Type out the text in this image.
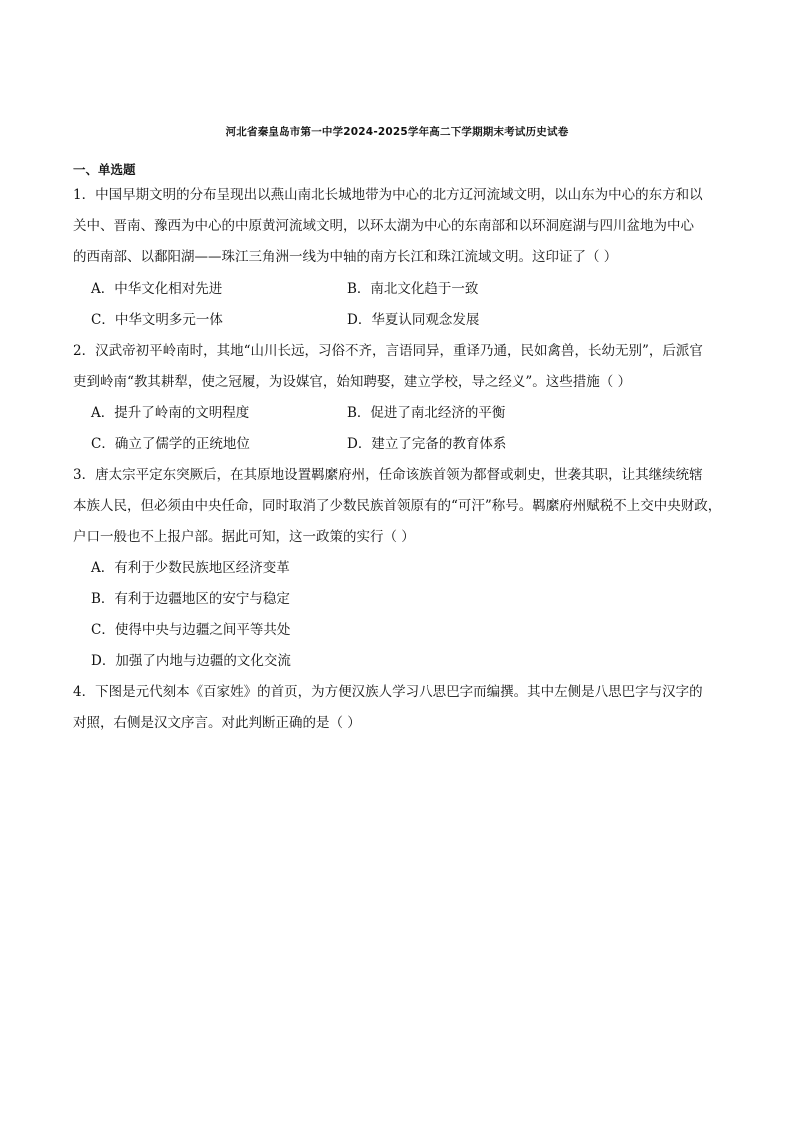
河北省秦皇岛市第一中学2024-2025学年高二下学期期末考试历史试卷
一、单选题
1．中国早期文明的分布呈现出以燕山南北长城地带为中心的北方辽河流域文明，以山东为中心的东方和以
关中、晋南、豫西为中心的中原黄河流域文明，以环太湖为中心的东南部和以环洞庭湖与四川盆地为中心
的西南部、以鄱阳湖——珠江三角洲一线为中轴的南方长江和珠江流域文明。这印证了（ ）
A．中华文化相对先进	B．南北文化趋于一致
C．中华文明多元一体	D．华夏认同观念发展
2．汉武帝初平岭南时，其地“山川长远，习俗不齐，言语同异，重译乃通，民如禽兽，长幼无别”，后派官
吏到岭南“教其耕犁，使之冠履，为设媒官，始知聘娶，建立学校，导之经义”。这些措施（ ）
A．提升了岭南的文明程度	B．促进了南北经济的平衡
C．确立了儒学的正统地位	D．建立了完备的教育体系
3．唐太宗平定东突厥后，在其原地设置羁縻府州，任命该族首领为都督或刺史，世袭其职，让其继续统辖
本族人民，但必须由中央任命，同时取消了少数民族首领原有的“可汗”称号。羁縻府州赋税不上交中央财政，
户口一般也不上报户部。据此可知，这一政策的实行（ ）
A．有利于少数民族地区经济变革
B．有利于边疆地区的安宁与稳定
C．使得中央与边疆之间平等共处
D．加强了内地与边疆的文化交流
4．下图是元代刻本《百家姓》的首页，为方便汉族人学习八思巴字而编撰。其中左侧是八思巴字与汉字的
对照，右侧是汉文序言。对此判断正确的是（ ）
